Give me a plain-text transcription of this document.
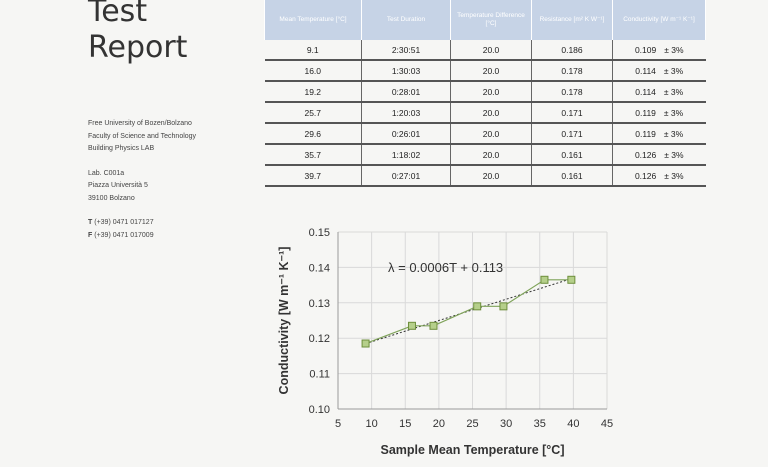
Test
Report
Free University of Bozen/Bolzano
Faculty of Science and Technology
Building Physics LAB
Lab. C001a
Piazza Università 5
39100 Bolzano
T (+39) 0471 017127
F (+39) 0471 017009
Mean Temperature [°C]	Test Duration	Temperature Difference [°C]	Resistance [m² K W⁻¹]	Conductivity [W m⁻¹ K⁻¹]
9.1	2:30:51	20.0	0.186	0.109 ± 3%
16.0	1:30:03	20.0	0.178	0.114 ± 3%
19.2	0:28:01	20.0	0.178	0.114 ± 3%
25.7	1:20:03	20.0	0.171	0.119 ± 3%
29.6	0:26:01	20.0	0.171	0.119 ± 3%
35.7	1:18:02	20.0	0.161	0.126 ± 3%
39.7	0:27:01	20.0	0.161	0.126 ± 3%
0.10
0.11
0.12
0.13
0.14
0.15
5 10 15 20 25 30 35 40 45
λ = 0.0006T + 0.113
Sample Mean Temperature [°C]
Conductivity [W m⁻¹ K⁻¹]
